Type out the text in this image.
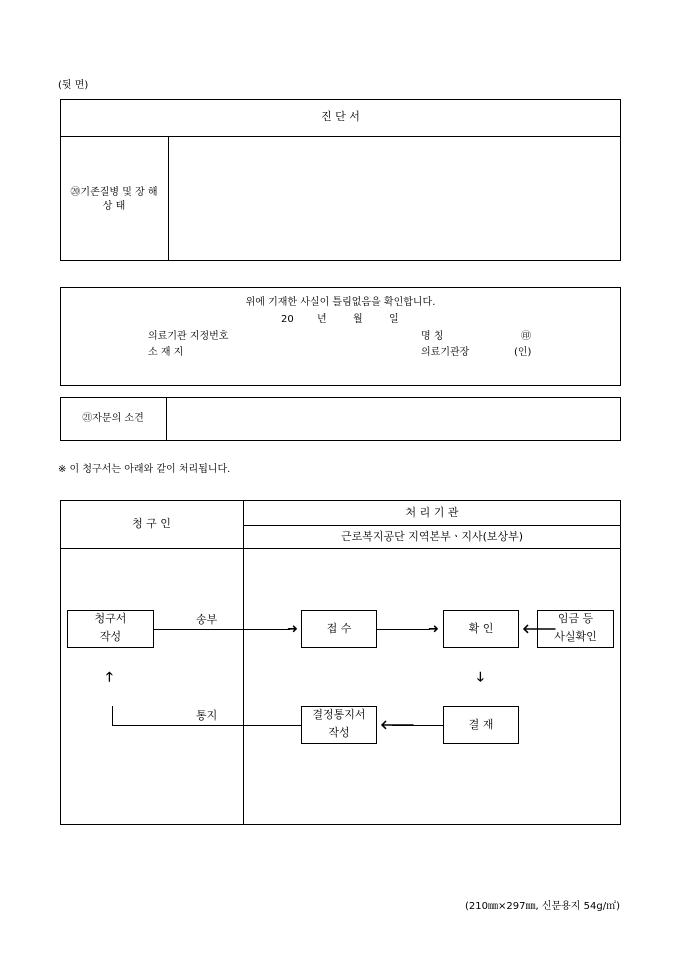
(뒷 면)
진 단 서
⑳기존질병 및 장 해
상 태
위에 기재한 사실이 틀림없음을 확인합니다.
20 년	월	일
의료기관 지정번호
소 재 지
명 칭	㊞
의료기관장	(인)
㉑자문의 소견
※ 이 청구서는 아래와 같이 처리됩니다.
청 구 인
처 리 기 관
근로복지공단 지역본부ㆍ지사(보상부)
청구서
작성	➜
송부
접 수	➜	확 인	🡐
임금 등
사실확인
🡓
결 재
🡐
결정통지서
작성
🡑
통지
(210㎜×297㎜, 신문용지 54g/㎡)
